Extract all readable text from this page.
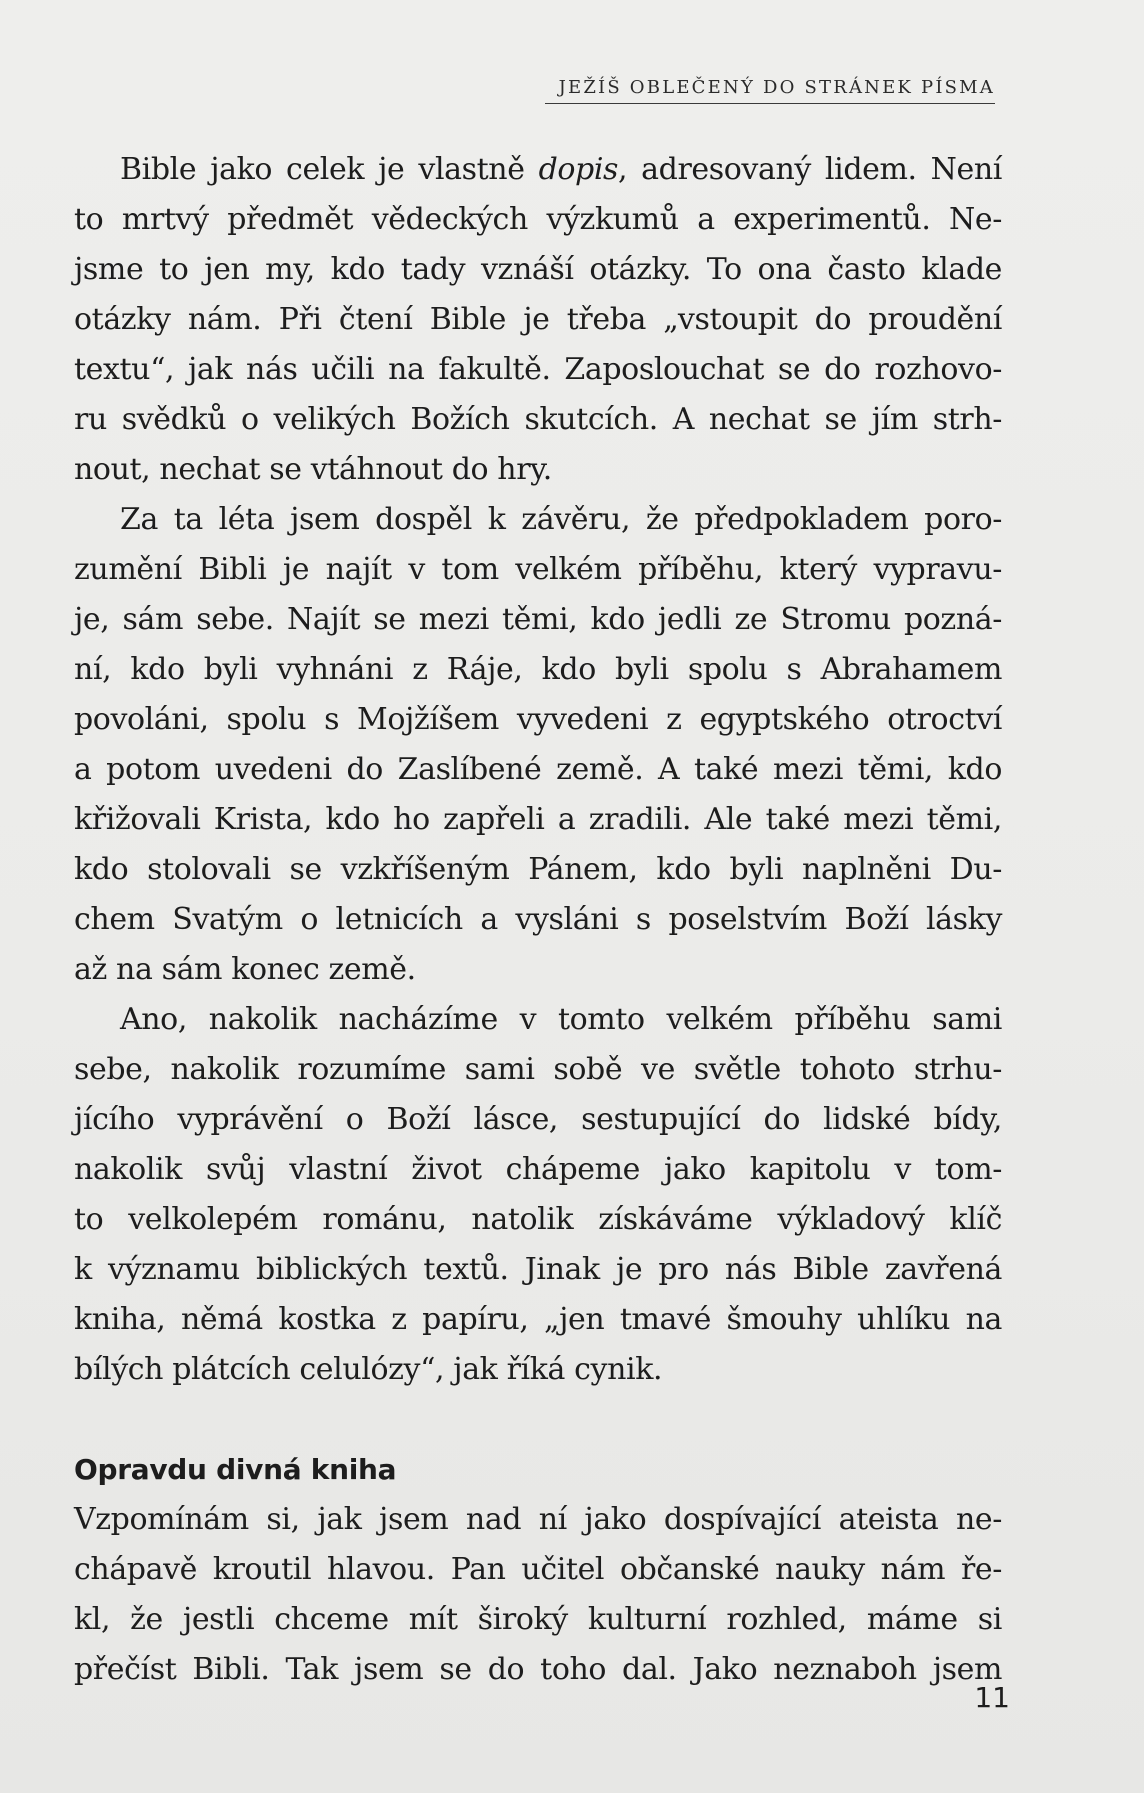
JEŽÍŠ OBLEČENÝ DO STRÁNEK PÍSMA

Bible jako celek je vlastně dopis, adresovaný lidem. Není

to mrtvý předmět vědeckých výzkumů a experimentů. Ne-

jsme to jen my, kdo tady vznáší otázky. To ona často klade

otázky nám. Při čtení Bible je třeba „vstoupit do proudění

textu“, jak nás učili na fakultě. Zaposlouchat se do rozhovo-

ru svědků o velikých Božích skutcích. A nechat se jím strh-

nout, nechat se vtáhnout do hry.

Za ta léta jsem dospěl k závěru, že předpokladem poro-

zumění Bibli je najít v tom velkém příběhu, který vypravu-

je, sám sebe. Najít se mezi těmi, kdo jedli ze Stromu pozná-

ní, kdo byli vyhnáni z Ráje, kdo byli spolu s Abrahamem

povoláni, spolu s Mojžíšem vyvedeni z egyptského otroctví

a potom uvedeni do Zaslíbené země. A také mezi těmi, kdo

křižovali Krista, kdo ho zapřeli a zradili. Ale také mezi těmi,

kdo stolovali se vzkříšeným Pánem, kdo byli naplněni Du-

chem Svatým o letnicích a vysláni s poselstvím Boží lásky

až na sám konec země.

Ano, nakolik nacházíme v tomto velkém příběhu sami

sebe, nakolik rozumíme sami sobě ve světle tohoto strhu-

jícího vyprávění o Boží lásce, sestupující do lidské bídy,

nakolik svůj vlastní život chápeme jako kapitolu v tom-

to velkolepém románu, natolik získáváme výkladový klíč

k významu biblických textů. Jinak je pro nás Bible zavřená

kniha, němá kostka z papíru, „jen tmavé šmouhy uhlíku na

bílých plátcích celulózy“, jak říká cynik.

Opravdu divná kniha

Vzpomínám si, jak jsem nad ní jako dospívající ateista ne-

chápavě kroutil hlavou. Pan učitel občanské nauky nám ře-

kl, že jestli chceme mít široký kulturní rozhled, máme si

přečíst Bibli. Tak jsem se do toho dal. Jako neznaboh jsem

11
